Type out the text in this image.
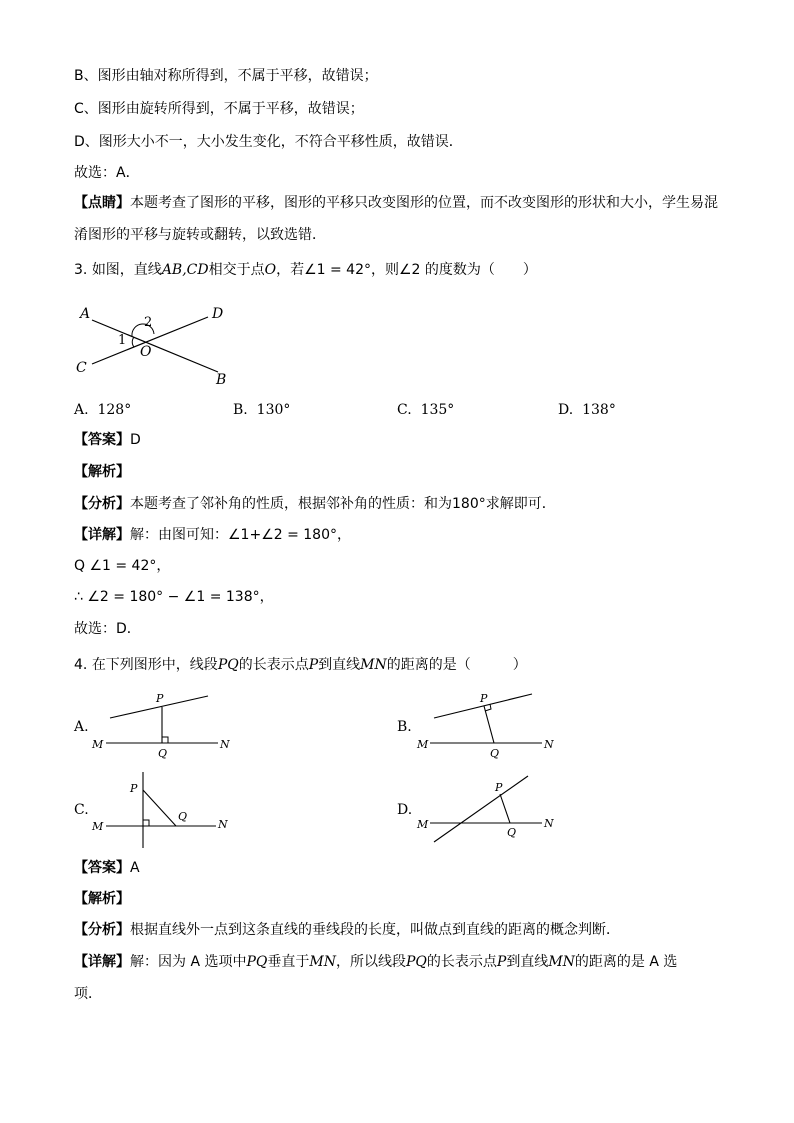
B、图形由轴对称所得到，不属于平移，故错误；
C、图形由旋转所得到，不属于平移，故错误；
D、图形大小不一，大小发生变化，不符合平移性质，故错误．
故选：A．
【点睛】本题考查了图形的平移，图形的平移只改变图形的位置，而不改变图形的形状和大小，学生易混
淆图形的平移与旋转或翻转，以致选错．
3. 如图，直线AB,CD相交于点O，若∠1 = 42°，则∠2 的度数为（　　）
A	D
C
B
O
1
2
A. 128°	B. 130°	C. 135°	D. 138°
【答案】D
【解析】
【分析】本题考查了邻补角的性质，根据邻补角的性质：和为180°求解即可．
【详解】解：由图可知：∠1+∠2 = 180°，
Q ∠1 = 42°，
∴ ∠2 = 180° − ∠1 = 138°，
故选：D．
4. 在下列图形中，线段PQ的长表示点P到直线MN的距离的是（　　　）
A.
M	N
P
Q
B.
M	N
P
Q
C.
M	N
P
Q	D.
M	N
P
Q
【答案】A
【解析】
【分析】根据直线外一点到这条直线的垂线段的长度，叫做点到直线的距离的概念判断．
【详解】解：因为 A 选项中PQ垂直于MN，所以线段PQ的长表示点P到直线MN的距离的是 A 选
项．
